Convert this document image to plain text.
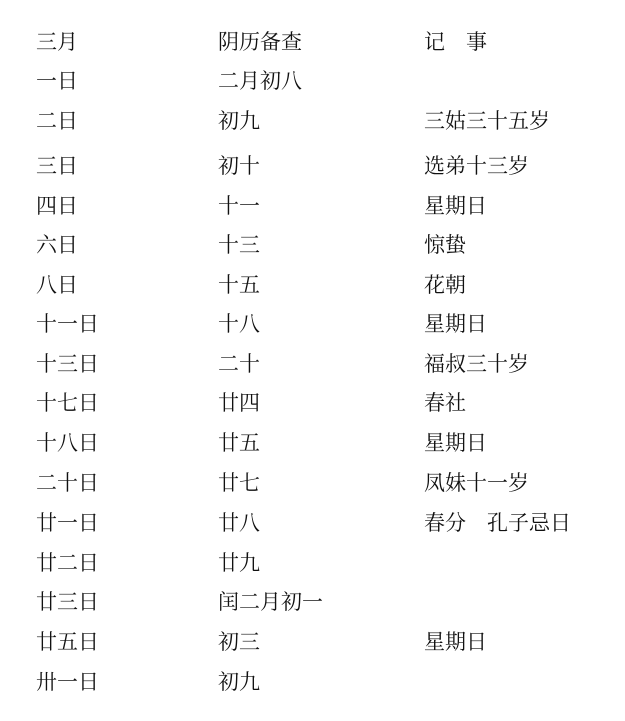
三月	阴历备查	记　事
一日	二月初八
二日	初九	三姑三十五岁
三日	初十	选弟十三岁
四日	十一	星期日
六日	十三	惊蛰
八日	十五	花朝
十一日	十八	星期日
十三日	二十	福叔三十岁
十七日	廿四	春社
十八日	廿五	星期日
二十日	廿七	凤妹十一岁
廿一日	廿八	春分　孔子忌日
廿二日	廿九
廿三日	闰二月初一
廿五日	初三	星期日
卅一日	初九
